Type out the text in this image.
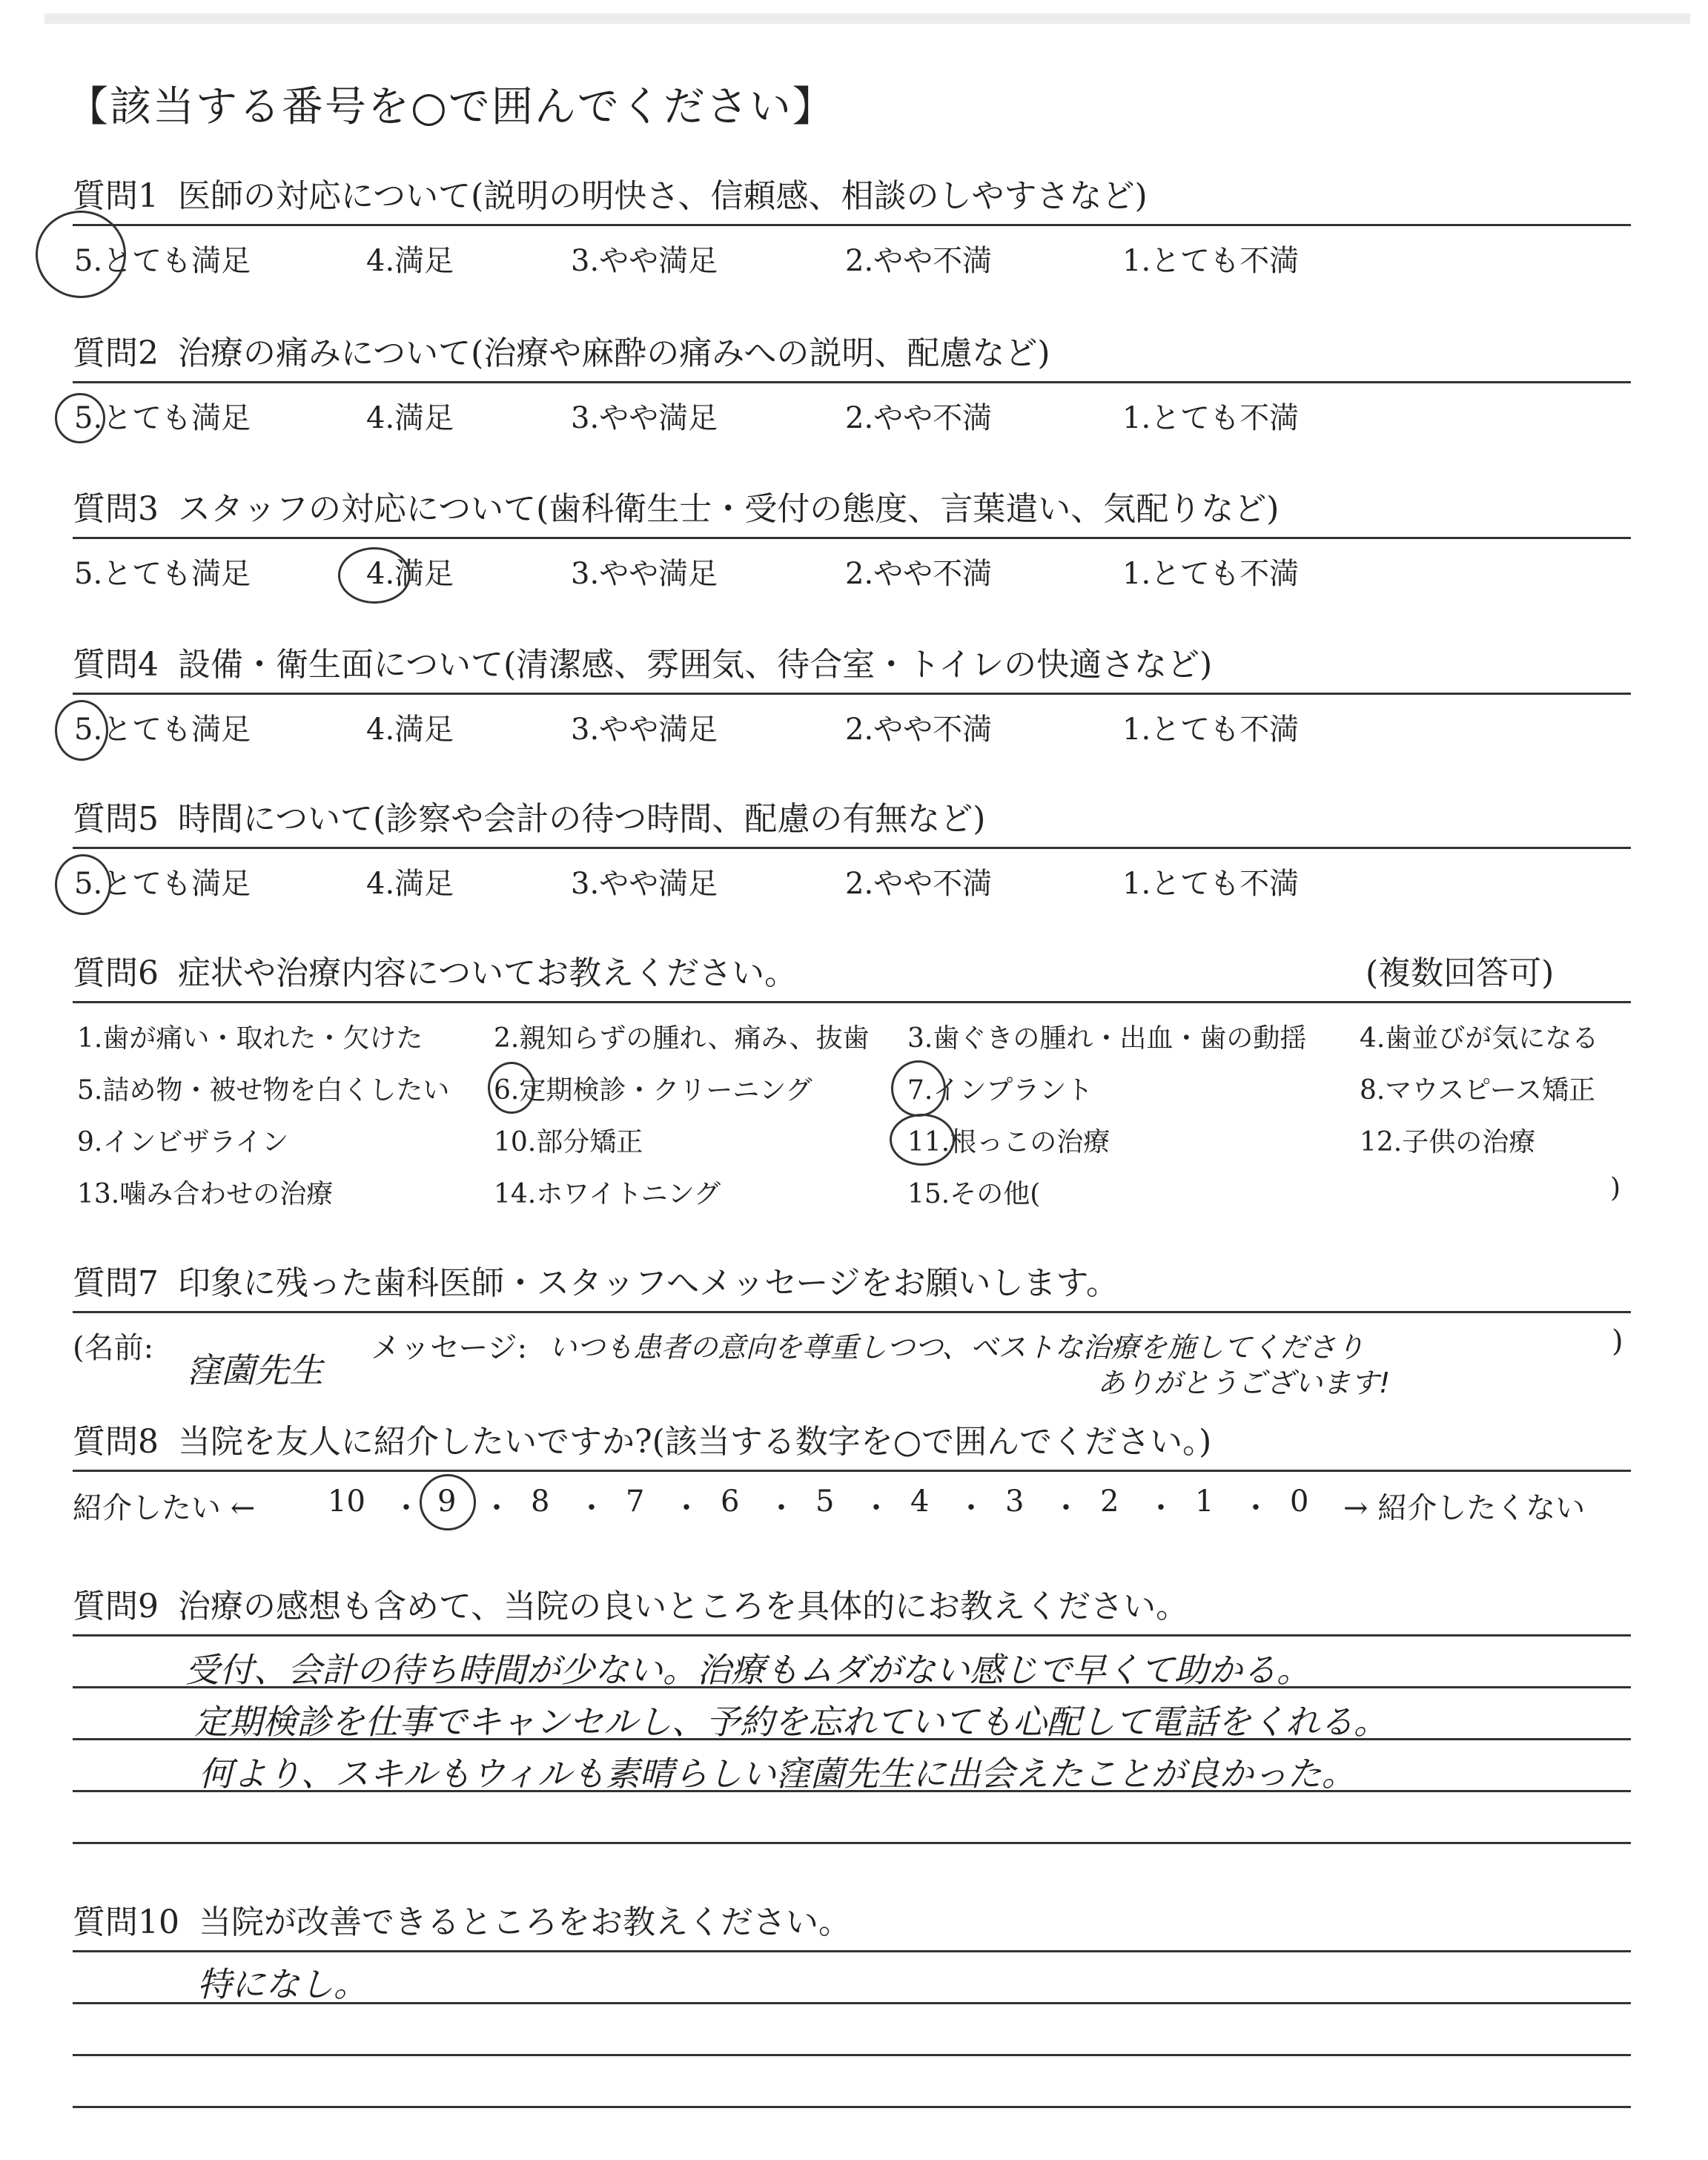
【該当する番号を○で囲んでください】
質問1 医師の対応について(説明の明快さ、信頼感、相談のしやすさなど)
5.とても満足	4.満足	3.やや満足	2.やや不満	1.とても不満
質問2 治療の痛みについて(治療や麻酔の痛みへの説明、配慮など)
5.とても満足	4.満足	3.やや満足	2.やや不満	1.とても不満
質問3 スタッフの対応について(歯科衛生士・受付の態度、言葉遣い、気配りなど)
5.とても満足	4.満足	3.やや満足	2.やや不満	1.とても不満
質問4 設備・衛生面について(清潔感、雰囲気、待合室・トイレの快適さなど)
5.とても満足	4.満足	3.やや満足	2.やや不満	1.とても不満
質問5 時間について(診察や会計の待つ時間、配慮の有無など)
5.とても満足	4.満足	3.やや満足	2.やや不満	1.とても不満
質問6 症状や治療内容についてお教えください。	(複数回答可)
1.歯が痛い・取れた・欠けた	2.親知らずの腫れ、痛み、抜歯 3.歯ぐきの腫れ・出血・歯の動揺 4.歯並びが気になる
5.詰め物・被せ物を白くしたい 6.定期検診・クリーニング	7.インプラント	8.マウスピース矯正
9.インビザライン	10.部分矯正	11.根っこの治療	12.子供の治療
13.噛み合わせの治療	14.ホワイトニング	15.その他(	)
質問7 印象に残った歯科医師・スタッフへメッセージをお願いします。
(名前:
窪薗先生
メッセージ: いつも患者の意向を尊重しつつ、ベストな治療を施してくださり
ありがとうございます!
)
質問8 当院を友人に紹介したいですか?(該当する数字を○で囲んでください。)
紹介したい ← 10 ・ 9 ・ 8 ・ 7 ・ 6 ・ 5 ・ 4 ・ 3 ・ 2 ・ 1 ・ 0 → 紹介したくない
質問9 治療の感想も含めて、当院の良いところを具体的にお教えください。
受付、会計の待ち時間が少ない。治療もムダがない感じで早くて助かる。
定期検診を仕事でキャンセルし、予約を忘れていても心配して電話をくれる。
何より、スキルもウィルも素晴らしい窪薗先生に出会えたことが良かった。
質問10 当院が改善できるところをお教えください。
特になし。
